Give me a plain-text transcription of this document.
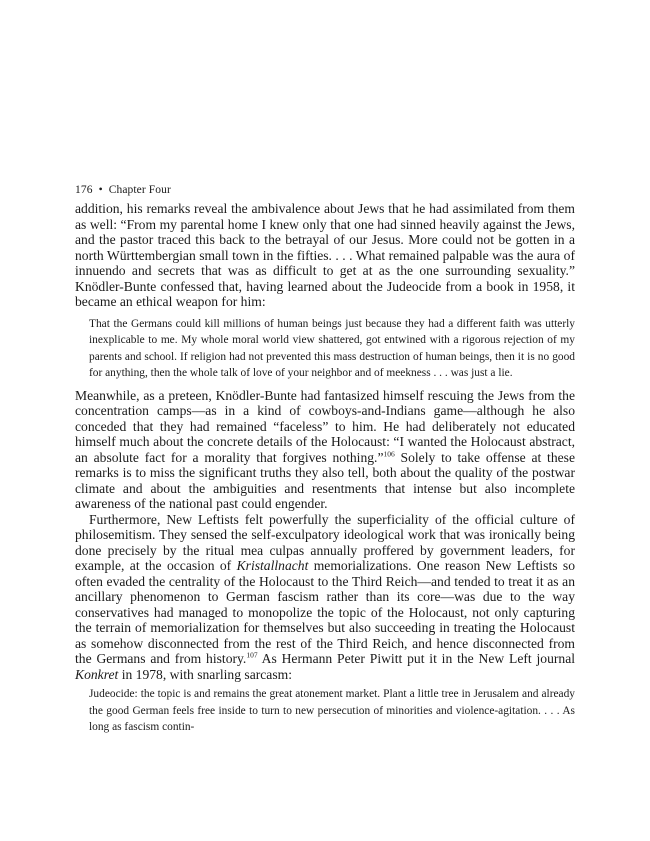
176 • Chapter Four

addition, his remarks reveal the ambivalence about Jews that he had assimilated from them as well: “From my parental home I knew only that one had sinned heavily against the Jews, and the pastor traced this back to the betrayal of our Jesus. More could not be gotten in a north Württembergian small town in the fifties. . . . What remained palpable was the aura of innuendo and secrets that was as difficult to get at as the one surrounding sexuality.” Knödler-Bunte confessed that, having learned about the Judeocide from a book in 1958, it became an ethical weapon for him:

That the Germans could kill millions of human beings just because they had a different faith was utterly inexplicable to me. My whole moral world view shattered, got entwined with a rigorous rejection of my parents and school. If religion had not prevented this mass destruction of human beings, then it is no good for anything, then the whole talk of love of your neighbor and of meekness . . . was just a lie.

Meanwhile, as a preteen, Knödler-Bunte had fantasized himself rescuing the Jews from the concentration camps—as in a kind of cowboys-and-Indians game—although he also conceded that they had remained “faceless” to him. He had deliberately not educated himself much about the concrete details of the Holocaust: “I wanted the Holocaust abstract, an absolute fact for a morality that forgives nothing.”$^{106}$ Solely to take offense at these remarks is to miss the significant truths they also tell, both about the quality of the postwar climate and about the ambiguities and resentments that intense but also incomplete awareness of the national past could engender.

Furthermore, New Leftists felt powerfully the superficiality of the official culture of philosemitism. They sensed the self-exculpatory ideological work that was ironically being done precisely by the ritual mea culpas annually proffered by government leaders, for example, at the occasion of Kristallnacht memorializations. One reason New Leftists so often evaded the centrality of the Holocaust to the Third Reich—and tended to treat it as an ancillary phenomenon to German fascism rather than its core—was due to the way conservatives had managed to monopolize the topic of the Holocaust, not only capturing the terrain of memorialization for themselves but also succeeding in treating the Holocaust as somehow disconnected from the rest of the Third Reich, and hence disconnected from the Germans and from history.$^{107}$ As Hermann Peter Piwitt put it in the New Left journal Konkret in 1978, with snarling sarcasm:

Judeocide: the topic is and remains the great atonement market. Plant a little tree in Jerusalem and already the good German feels free inside to turn to new persecution of minorities and violence-agitation. . . . As long as fascism contin-
